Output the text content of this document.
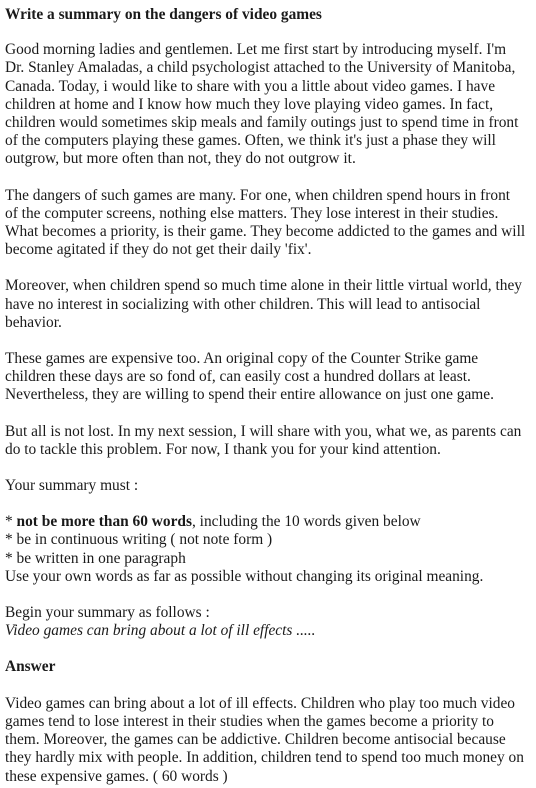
Write a summary on the dangers of video games

Good morning ladies and gentlemen. Let me first start by introducing myself. I'm Dr. Stanley Amaladas, a child psychologist attached to the University of Manitoba, Canada. Today, i would like to share with you a little about video games. I have children at home and I know how much they love playing video games. In fact, children would sometimes skip meals and family outings just to spend time in front of the computers playing these games. Often, we think it's just a phase they will outgrow, but more often than not, they do not outgrow it.

The dangers of such games are many. For one, when children spend hours in front of the computer screens, nothing else matters. They lose interest in their studies. What becomes a priority, is their game. They become addicted to the games and will become agitated if they do not get their daily 'fix'.

Moreover, when children spend so much time alone in their little virtual world, they have no interest in socializing with other children. This will lead to antisocial behavior.

These games are expensive too. An original copy of the Counter Strike game children these days are so fond of, can easily cost a hundred dollars at least. Nevertheless, they are willing to spend their entire allowance on just one game.

But all is not lost. In my next session, I will share with you, what we, as parents can do to tackle this problem. For now, I thank you for your kind attention.

Your summary must :

* not be more than 60 words, including the 10 words given below
* be in continuous writing ( not note form )
* be written in one paragraph
Use your own words as far as possible without changing its original meaning.
Begin your summary as follows :
Video games can bring about a lot of ill effects .....
Answer

Video games can bring about a lot of ill effects. Children who play too much video games tend to lose interest in their studies when the games become a priority to them. Moreover, the games can be addictive. Children become antisocial because they hardly mix with people. In addition, children tend to spend too much money on these expensive games. ( 60 words )
